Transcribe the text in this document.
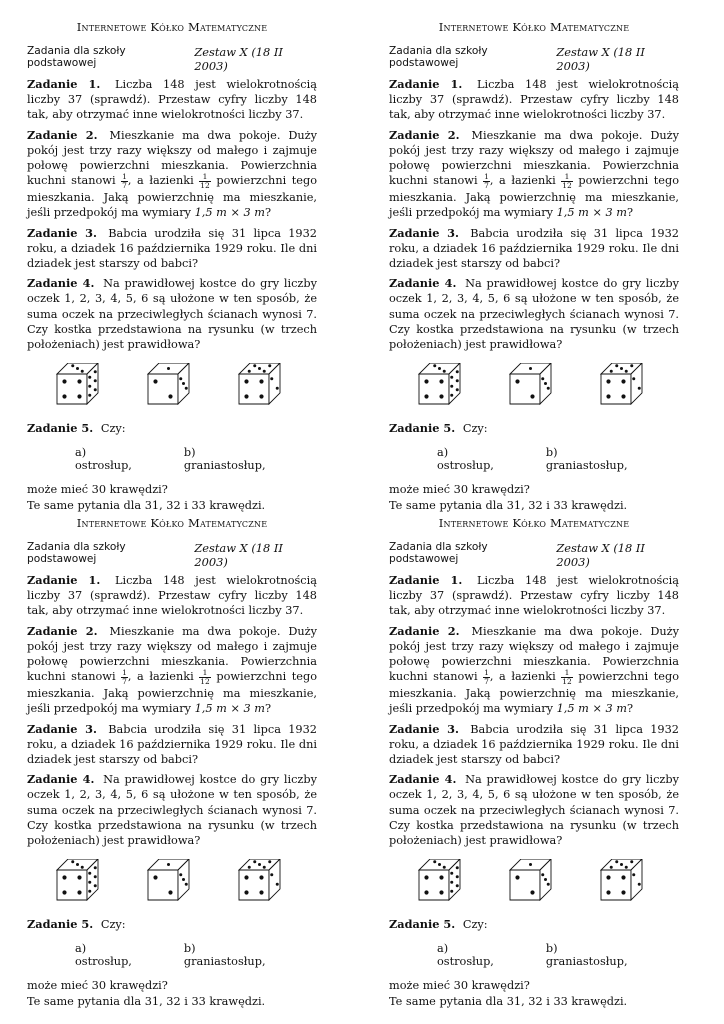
Internetowe Kółko Matematyczne
Zadania dla szkoły podstawowej
Zestaw X (18 II 2003)

Zadanie 1. Liczba 148 jest wielokrotnością liczby 37 (sprawdź). Przestaw cyfry liczby 148 tak, aby otrzymać inne wielokrotności liczby 37.

Zadanie 2. Mieszkanie ma dwa pokoje. Duży pokój jest trzy razy większy od małego i zajmuje połowę powierzchni mieszkania. Powierzchnia kuchni stanowi $\frac{1}{7}$ , a łazienki $\frac{1}{12}$ powierzchni tego mieszkania. Jaką powierzchnię ma mieszkanie, jeśli przedpokój ma wymiary 1,5 m × 3 m?

Zadanie 3. Babcia urodziła się 31 lipca 1932 roku, a dziadek 16 października 1929 roku. Ile dni dziadek jest starszy od babci?

Zadanie 4. Na prawidłowej kostce do gry liczby oczek 1, 2, 3, 4, 5, 6 są ułożone w ten sposób, że suma oczek na przeciwległych ścianach wynosi 7. Czy kostka przedstawiona na rysunku (w trzech położeniach) jest prawidłowa?

Zadanie 5. Czy:

a) ostrosłup,
b) graniastosłup,
może mieć 30 krawędzi?
Te same pytania dla 31, 32 i 33 krawędzi.
Internetowe Kółko Matematyczne
Zadania dla szkoły podstawowej
Zestaw X (18 II 2003)

Zadanie 1. Liczba 148 jest wielokrotnością liczby 37 (sprawdź). Przestaw cyfry liczby 148 tak, aby otrzymać inne wielokrotności liczby 37.

Zadanie 2. Mieszkanie ma dwa pokoje. Duży pokój jest trzy razy większy od małego i zajmuje połowę powierzchni mieszkania. Powierzchnia kuchni stanowi $\frac{1}{7}$ , a łazienki $\frac{1}{12}$ powierzchni tego mieszkania. Jaką powierzchnię ma mieszkanie, jeśli przedpokój ma wymiary 1,5 m × 3 m?

Zadanie 3. Babcia urodziła się 31 lipca 1932 roku, a dziadek 16 października 1929 roku. Ile dni dziadek jest starszy od babci?

Zadanie 4. Na prawidłowej kostce do gry liczby oczek 1, 2, 3, 4, 5, 6 są ułożone w ten sposób, że suma oczek na przeciwległych ścianach wynosi 7. Czy kostka przedstawiona na rysunku (w trzech położeniach) jest prawidłowa?

Zadanie 5. Czy:

a) ostrosłup,
b) graniastosłup,
może mieć 30 krawędzi?
Te same pytania dla 31, 32 i 33 krawędzi.
Internetowe Kółko Matematyczne
Zadania dla szkoły podstawowej
Zestaw X (18 II 2003)

Zadanie 1. Liczba 148 jest wielokrotnością liczby 37 (sprawdź). Przestaw cyfry liczby 148 tak, aby otrzymać inne wielokrotności liczby 37.

Zadanie 2. Mieszkanie ma dwa pokoje. Duży pokój jest trzy razy większy od małego i zajmuje połowę powierzchni mieszkania. Powierzchnia kuchni stanowi $\frac{1}{7}$ , a łazienki $\frac{1}{12}$ powierzchni tego mieszkania. Jaką powierzchnię ma mieszkanie, jeśli przedpokój ma wymiary 1,5 m × 3 m?

Zadanie 3. Babcia urodziła się 31 lipca 1932 roku, a dziadek 16 października 1929 roku. Ile dni dziadek jest starszy od babci?

Zadanie 4. Na prawidłowej kostce do gry liczby oczek 1, 2, 3, 4, 5, 6 są ułożone w ten sposób, że suma oczek na przeciwległych ścianach wynosi 7. Czy kostka przedstawiona na rysunku (w trzech położeniach) jest prawidłowa?

Zadanie 5. Czy:

a) ostrosłup,
b) graniastosłup,
może mieć 30 krawędzi?
Te same pytania dla 31, 32 i 33 krawędzi.
Internetowe Kółko Matematyczne
Zadania dla szkoły podstawowej
Zestaw X (18 II 2003)

Zadanie 1. Liczba 148 jest wielokrotnością liczby 37 (sprawdź). Przestaw cyfry liczby 148 tak, aby otrzymać inne wielokrotności liczby 37.

Zadanie 2. Mieszkanie ma dwa pokoje. Duży pokój jest trzy razy większy od małego i zajmuje połowę powierzchni mieszkania. Powierzchnia kuchni stanowi $\frac{1}{7}$ , a łazienki $\frac{1}{12}$ powierzchni tego mieszkania. Jaką powierzchnię ma mieszkanie, jeśli przedpokój ma wymiary 1,5 m × 3 m?

Zadanie 3. Babcia urodziła się 31 lipca 1932 roku, a dziadek 16 października 1929 roku. Ile dni dziadek jest starszy od babci?

Zadanie 4. Na prawidłowej kostce do gry liczby oczek 1, 2, 3, 4, 5, 6 są ułożone w ten sposób, że suma oczek na przeciwległych ścianach wynosi 7. Czy kostka przedstawiona na rysunku (w trzech położeniach) jest prawidłowa?

Zadanie 5. Czy:

a) ostrosłup,
b) graniastosłup,
może mieć 30 krawędzi?
Te same pytania dla 31, 32 i 33 krawędzi.
